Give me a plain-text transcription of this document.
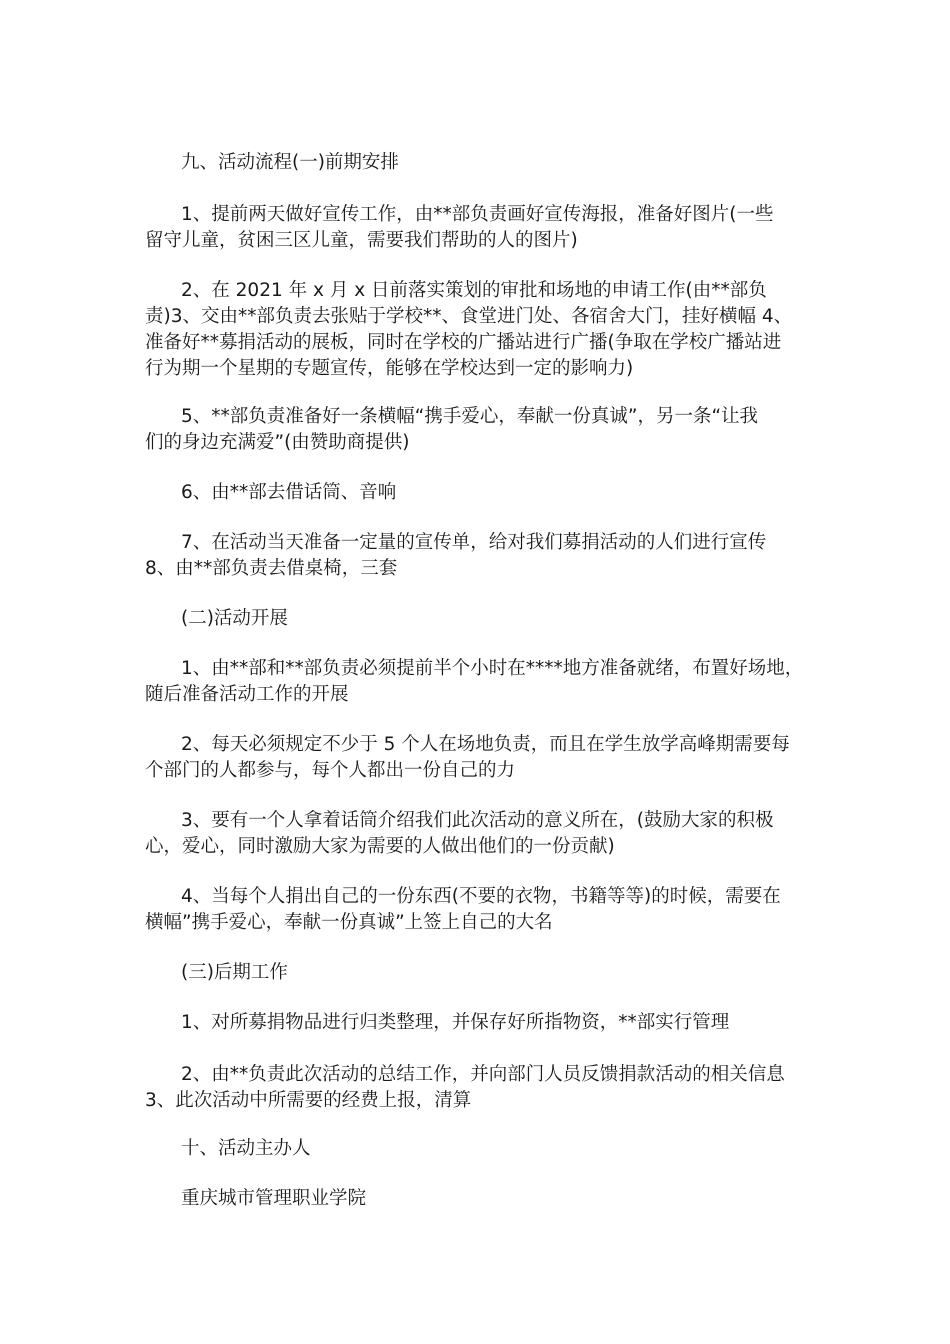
九、活动流程(一)前期安排
1、提前两天做好宣传工作，由**部负责画好宣传海报，准备好图片(一些
留守儿童，贫困三区儿童，需要我们帮助的人的图片)
2、在 2021 年 x 月 x 日前落实策划的审批和场地的申请工作(由**部负
责)3、交由**部负责去张贴于学校**、食堂进门处、各宿舍大门，挂好横幅 4、
准备好**募捐活动的展板，同时在学校的广播站进行广播(争取在学校广播站进
行为期一个星期的专题宣传，能够在学校达到一定的影响力)
5、**部负责准备好一条横幅“携手爱心，奉献一份真诚”，另一条“让我
们的身边充满爱”(由赞助商提供)
6、由**部去借话筒、音响
7、在活动当天准备一定量的宣传单，给对我们募捐活动的人们进行宣传
8、由**部负责去借桌椅，三套
(二)活动开展
1、由**部和**部负责必须提前半个小时在****地方准备就绪，布置好场地，
随后准备活动工作的开展
2、每天必须规定不少于 5 个人在场地负责，而且在学生放学高峰期需要每
个部门的人都参与，每个人都出一份自己的力
3、要有一个人拿着话筒介绍我们此次活动的意义所在，(鼓励大家的积极
心，爱心，同时激励大家为需要的人做出他们的一份贡献)
4、当每个人捐出自己的一份东西(不要的衣物，书籍等等)的时候，需要在
横幅”携手爱心，奉献一份真诚”上签上自己的大名
(三)后期工作
1、对所募捐物品进行归类整理，并保存好所指物资，**部实行管理
2、由**负责此次活动的总结工作，并向部门人员反馈捐款活动的相关信息
3、此次活动中所需要的经费上报，清算
十、活动主办人
重庆城市管理职业学院
